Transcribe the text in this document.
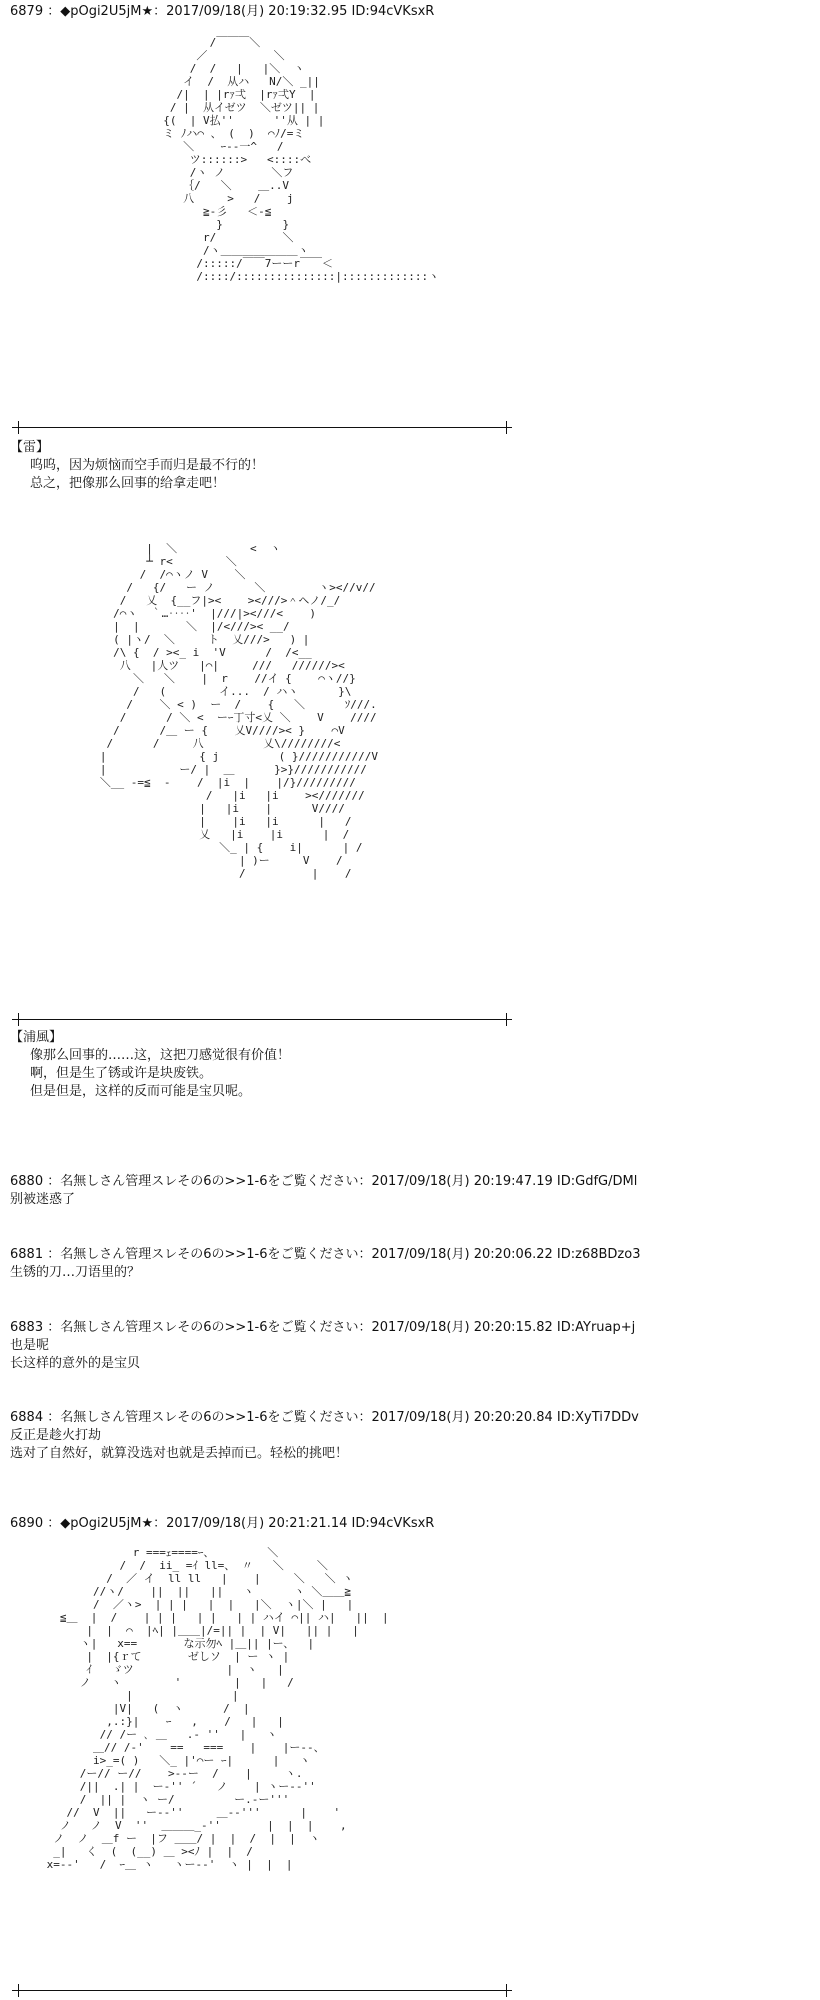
6879 ：◆pOgi2U5jM★：2017/09/18(月) 20:19:32.95 ID:94cVKsxR
/￣￣￣＼
／          ＼
/  /   |   |＼  ヽ
イ  /  从ハ   N/＼ _||
/|  | |rｧ弌  |rｧ弌Y  |
/ |  从イゼツ  ＼ゼツ|| |
{(  | V払''      ''从 | |
ミ ﾉハ⌒ 、 (  )  ⌒ﾉ/=ミ
＼    ｰ--一^   /
ツ::::::>   <::::べ
/ヽ ノ       ＼フ
｛/   ＼    ＿..V
八     >   /    j
≧-彡   ＜-≦
}         }
r/          ＼
/ヽ＿＿＿＿＿＿＿ヽ
/:::::/￣￣7ーーr￣￣＜
/::::/:::::::::::::::|:::::::::::::ヽ
【雷】
呜呜，因为烦恼而空手而归是最不行的！
总之，把像那么回事的给拿走吧！
|  ＼           <  ヽ
┴ r<        ＼
/  /⌒ヽノ V    ＼
/   {/   ー ノ      ＼        ヽ><//v//
/   乂  {__フ|><    ><///>＾ヘノ/_/
/⌒ヽ  ｀…‥‥'  |///|><///<    )
|  |       ＼  |/<///>< __/
( |ヽ/  ＼     ト  乂///>   ) |
/\ {  / ><_ i  'V      /  /<__
八   |人ツ   |⌒|     ///   //////><
＼   ＼    |  r    //イ {    ⌒ヽ//}
/   (        イ...  / ハヽ      }\
/    ＼ < )  ー  /    {   ＼      ｿ///.
/      / ＼ <  ーｰ丁寸<乂 ＼    V    ////
/      /＿ ー {    乂V////>< }    ⌒V
/      /     八         乂\////////<
|              { j         ( }///////////V
|           ー/ |  ＿      }>}///////////
＼__ ‐=≦  ‐    /  |i  |    |/}/////////
/   |i   |i    ><///////
|   |i    |      V////
|    |i   |i      |   /
乂   |i    |i      |  /
＼_ | {    i|      | /
| )ー     V    /
/          |    /
【浦風】
像那么回事的……这，这把刀感觉很有价值！
啊，但是生了锈或许是块废铁。
但是但是，这样的反而可能是宝贝呢。
6880 ：名無しさん管理スレその6の>>1-6をご覧ください：2017/09/18(月) 20:19:47.19 ID:GdfG/DMl
别被迷惑了
6881 ：名無しさん管理スレその6の>>1-6をご覧ください：2017/09/18(月) 20:20:06.22 ID:z68BDzo3
生锈的刀…刀语里的？
6883 ：名無しさん管理スレその6の>>1-6をご覧ください：2017/09/18(月) 20:20:15.82 ID:AYruap+j
也是呢
长这样的意外的是宝贝
6884 ：名無しさん管理スレその6の>>1-6をご覧ください：2017/09/18(月) 20:20:20.84 ID:XyTi7DDv
反正是趁火打劫
选对了自然好，就算没选对也就是丢掉而已。轻松的挑吧！
6890 ：◆pOgi2U5jM★：2017/09/18(月) 20:21:21.14 ID:94cVKsxR
r ===ｪ====ｰ、        ＼
/  /  ii_ =ｲ ll=、 〃   ＼     ＼
/  ／ イ  ll ll   |    |     ＼   ＼ ヽ
//ヽ/    ||  ||   ||   ヽ      ヽ ＼＿＿≧
/  ／ヽ>  | | |   |  |   |＼  ヽ|＼ |   |
≦＿  |  /    | | |   | |   | | ハイ ⌒|| ハ|   ||  |
|  |  ⌒  |ﾍ| |＿＿|/=|| |  | V|   || |   |
ヽ|   x==       な示勿ﾍ |＿|| |ー、  |
|  |{ｒて       ゼしソ  | ー ヽ |
ｲ   ゞツ              |  ヽ   |
ノ   ヽ        '        |   |   /
|               |
|V|   (  ヽ      /  |
,.:}|    ｰ   ,    /   |   |
// /ー ､ ＿   .- ''   |   ヽ
＿// /-'    ==   ===    |    |ー--、
i>_=( )   ＼_ |'⌒ー ｰ|      |   ヽ
/ー// ー//    >--ー  /    |     ヽ.
/||  .| |  ー‐'' ´   ノ    | ヽー--''
/  || |  ヽ ー/         ー.-ー'''
//  V  ||   ー-‐''     ＿--'''      |    '
ノ   ノ  V  ''  ＿＿＿_-''       |  |  |    ,
ノ  ノ  ＿f ー  |フ ＿＿/ |  |  /  |  |  ヽ
_|   く  (  (__) ＿ ><ﾉ |  |  /
x=--'   /  ｰ＿ ヽ   ヽー--'  ヽ |  |  |
